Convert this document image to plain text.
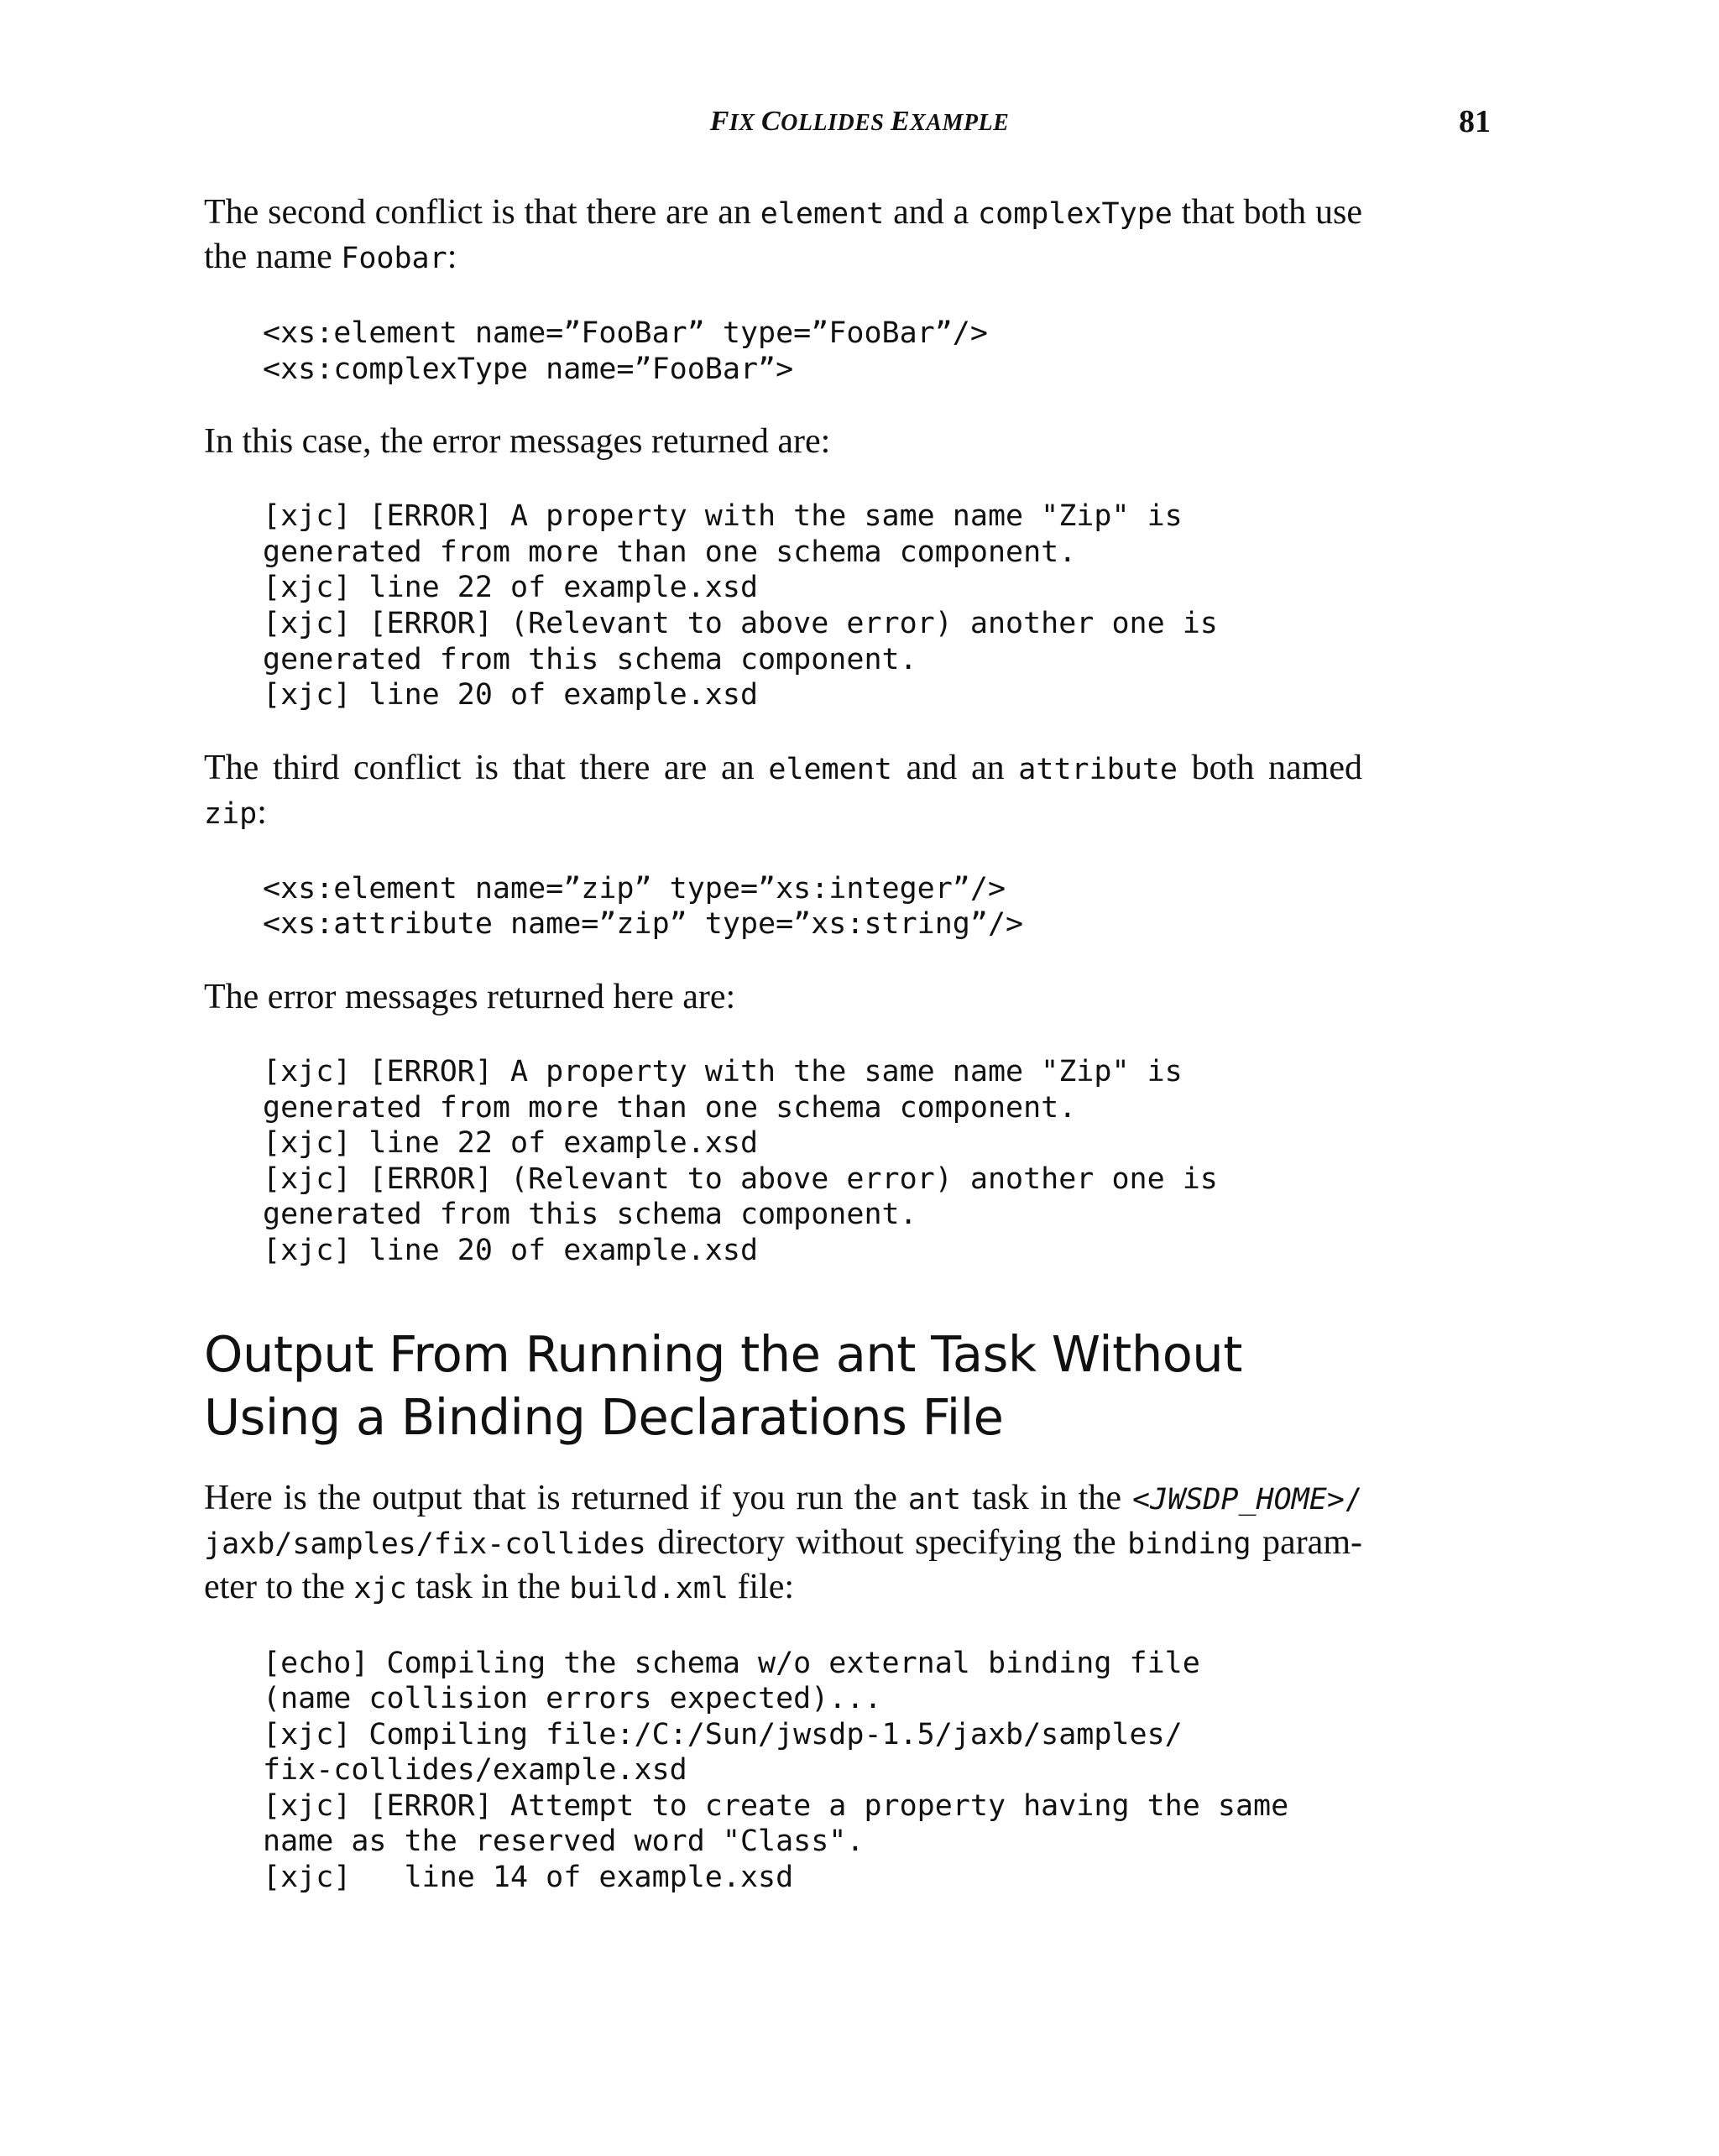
FIX COLLIDES EXAMPLE	81

The second conflict is that there are an element and a complexType that both use the name Foobar:

<xs:element name=”FooBar” type=”FooBar”/>
<xs:complexType name=”FooBar”>

In this case, the error messages returned are:

[xjc] [ERROR] A property with the same name "Zip" is
generated from more than one schema component.
[xjc] line 22 of example.xsd
[xjc] [ERROR] (Relevant to above error) another one is
generated from this schema component.
[xjc] line 20 of example.xsd

The third conflict is that there are an element and an attribute both named zip:

<xs:element name=”zip” type=”xs:integer”/>
<xs:attribute name=”zip” type=”xs:string”/>

The error messages returned here are:

[xjc] [ERROR] A property with the same name "Zip" is
generated from more than one schema component.
[xjc] line 22 of example.xsd
[xjc] [ERROR] (Relevant to above error) another one is
generated from this schema component.
[xjc] line 20 of example.xsd
Output From Running the ant Task Without Using a Binding Declarations File

Here is the output that is returned if you run the ant task in the <JWSDP_HOME>/ jaxb/samples/fix-collides directory without specifying the binding parameter to the xjc task in the build.xml file:

[echo] Compiling the schema w/o external binding file
(name collision errors expected)...
[xjc] Compiling file:/C:/Sun/jwsdp-1.5/jaxb/samples/
fix-collides/example.xsd
[xjc] [ERROR] Attempt to create a property having the same
name as the reserved word "Class".
[xjc]   line 14 of example.xsd
